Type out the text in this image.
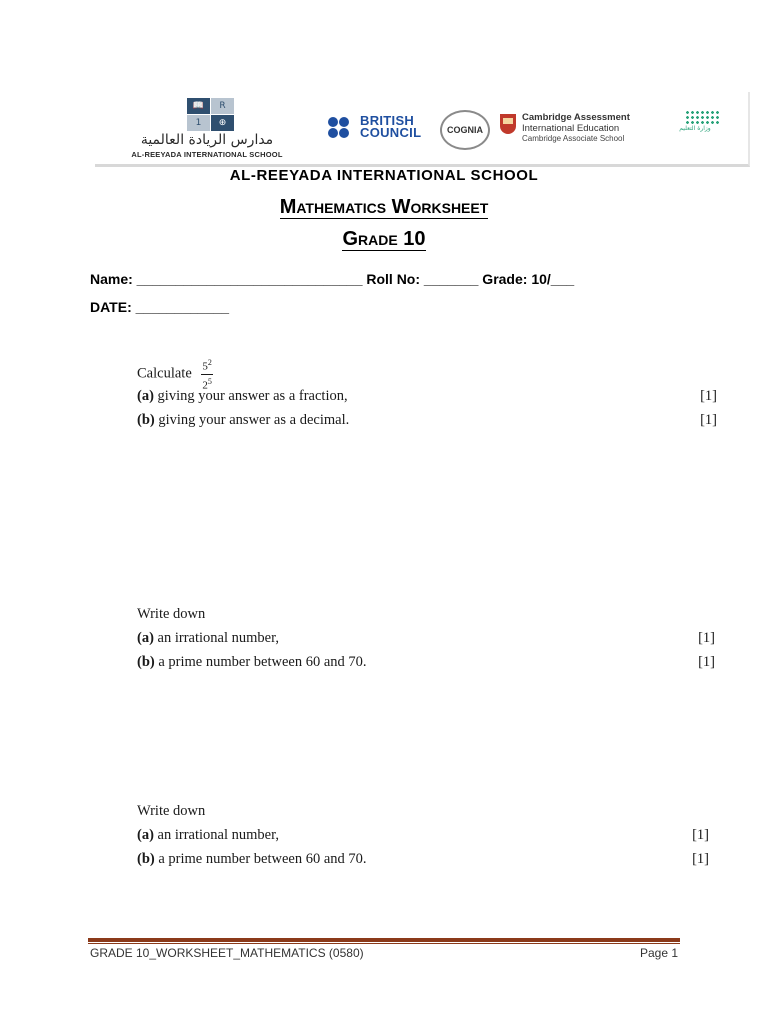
📖	R
1	⊕
مدارس الريادة العالمية
AL-REEYADA INTERNATIONAL SCHOOL
BRITISH
COUNCIL	COGNIA
Cambridge Assessment
International Education
Cambridge Associate School
وزارة التعليم
AL-REEYADA INTERNATIONAL SCHOOL
Mathematics Worksheet
Grade 10
Name: _____________________________ Roll No: _______ Grade: 10/___
DATE: ____________
Calculate $\frac{5^2}{2^5}$
(a) giving your answer as a fraction,	[1]
(b) giving your answer as a decimal.	[1]
Write down
(a) an irrational number,	[1]
(b) a prime number between 60 and 70.	[1]
Write down
(a) an irrational number,	[1]
(b) a prime number between 60 and 70.	[1]
GRADE 10_WORKSHEET_MATHEMATICS (0580)	Page 1
